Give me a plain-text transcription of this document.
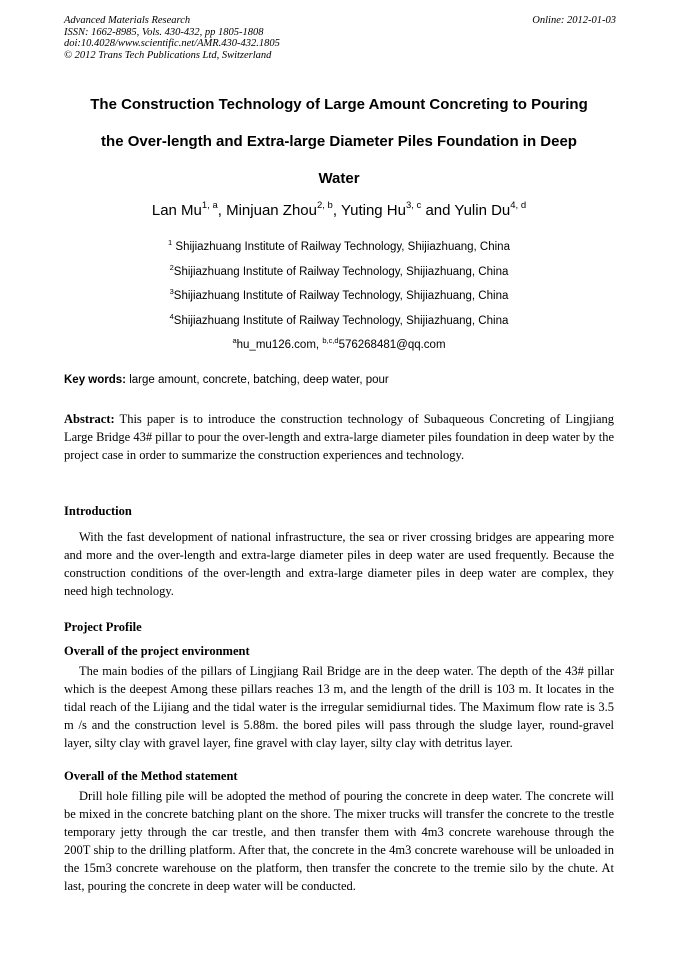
Advanced Materials Research
ISSN: 1662-8985, Vols. 430-432, pp 1805-1808
doi:10.4028/www.scientific.net/AMR.430-432.1805
© 2012 Trans Tech Publications Ltd, Switzerland
Online: 2012-01-03
The Construction Technology of Large Amount Concreting to Pouring
the Over-length and Extra-large Diameter Piles Foundation in Deep
Water
Lan Mu$^{1, a}$, Minjuan Zhou$^{2, b}$, Yuting Hu$^{3, c}$ and Yulin Du$^{4, d}$
$^1$ Shijiazhuang Institute of Railway Technology, Shijiazhuang, China
$^2$Shijiazhuang Institute of Railway Technology, Shijiazhuang, China
$^3$Shijiazhuang Institute of Railway Technology, Shijiazhuang, China
$^4$Shijiazhuang Institute of Railway Technology, Shijiazhuang, China
$^a$hu_mu126.com, $^{b,c,d}$576268481@qq.com
Key words: large amount, concrete, batching, deep water, pour

Abstract: This paper is to introduce the construction technology of Subaqueous Concreting of Lingjiang Large Bridge 43# pillar to pour the over-length and extra-large diameter piles foundation in deep water by the project case in order to summarize the construction experiences and technology.

Introduction

With the fast development of national infrastructure, the sea or river crossing bridges are appearing more and more and the over-length and extra-large diameter piles in deep water are used frequently. Because the construction conditions of the over-length and extra-large diameter piles in deep water are complex, they need high technology.

Project Profile
Overall of the project environment

The main bodies of the pillars of Lingjiang Rail Bridge are in the deep water. The depth of the 43# pillar which is the deepest Among these pillars reaches 13 m, and the length of the drill is 103 m. It locates in the tidal reach of the Lijiang and the tidal water is the irregular semidiurnal tides. The Maximum flow rate is 3.5 m /s and the construction level is 5.88m. the bored piles will pass through the sludge layer, round-gravel layer, silty clay with gravel layer, fine gravel with clay layer, silty clay with detritus layer.

Overall of the Method statement

Drill hole filling pile will be adopted the method of pouring the concrete in deep water. The concrete will be mixed in the concrete batching plant on the shore. The mixer trucks will transfer the concrete to the trestle temporary jetty through the car trestle, and then transfer them with 4m3 concrete warehouse through the 200T ship to the drilling platform. After that, the concrete in the 4m3 concrete warehouse will be unloaded in the 15m3 concrete warehouse on the platform, then transfer the concrete to the tremie silo by the chute. At last, pouring the concrete in deep water will be conducted.
